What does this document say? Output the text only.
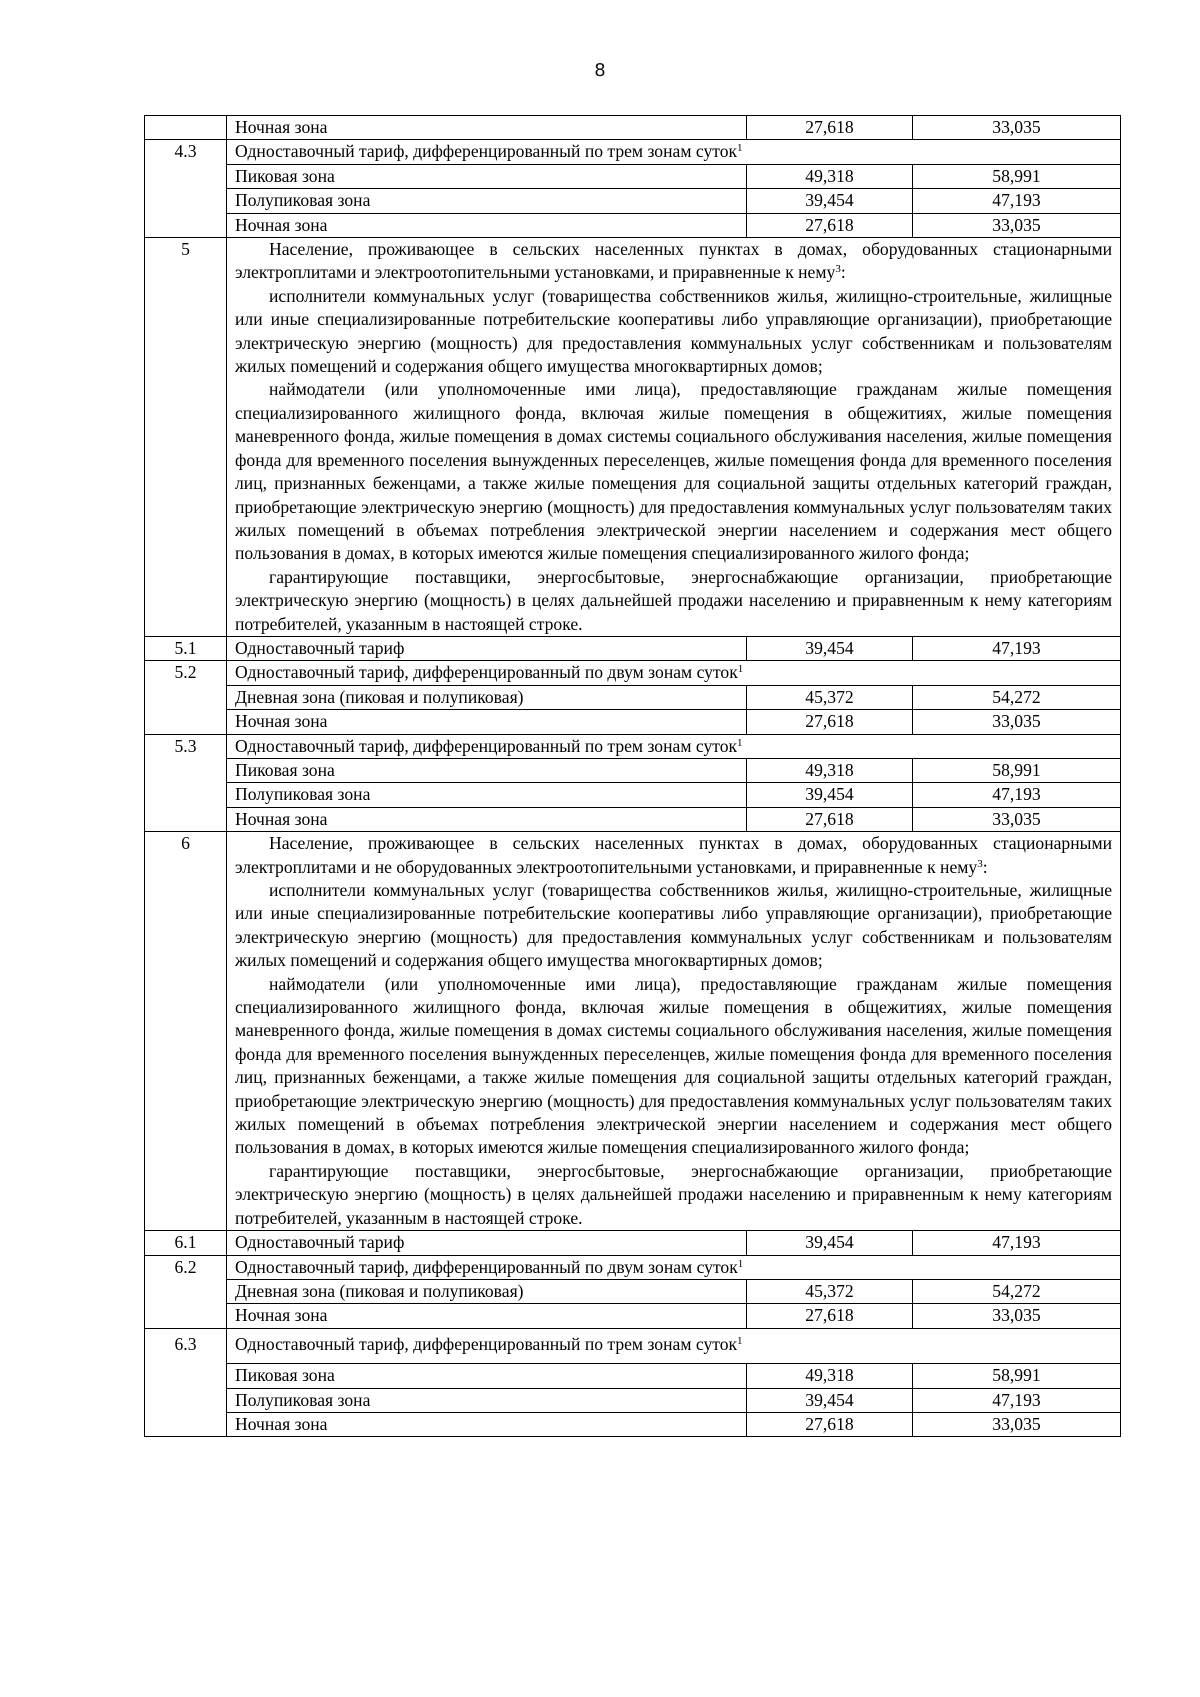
8
	Ночная зона	27,618	33,035
4.3	Одноставочный тариф, дифференцированный по трем зонам суток$^1$
	Пиковая зона	49,318	58,991
	Полупиковая зона	39,454	47,193
	Ночная зона	27,618	33,035
5	Население, проживающее в сельских населенных пунктах в домах, оборудованных стационарными электроплитами и электроотопительными установками, и приравненные к нему$^3$:

исполнители коммунальных услуг (товарищества собственников жилья, жилищно-строительные, жилищные или иные специализированные потребительские кооперативы либо управляющие организации), приобретающие электрическую энергию (мощность) для предоставления коммунальных услуг собственникам и пользователям жилых помещений и содержания общего имущества многоквартирных домов;

наймодатели (или уполномоченные ими лица), предоставляющие гражданам жилые помещения специализированного жилищного фонда, включая жилые помещения в общежитиях, жилые помещения маневренного фонда, жилые помещения в домах системы социального обслуживания населения, жилые помещения фонда для временного поселения вынужденных переселенцев, жилые помещения фонда для временного поселения лиц, признанных беженцами, а также жилые помещения для социальной защиты отдельных категорий граждан, приобретающие электрическую энергию (мощность) для предоставления коммунальных услуг пользователям таких жилых помещений в объемах потребления электрической энергии населением и содержания мест общего пользования в домах, в которых имеются жилые помещения специализированного жилого фонда;

гарантирующие поставщики, энергосбытовые, энергоснабжающие организации, приобретающие электрическую энергию (мощность) в целях дальнейшей продажи населению и приравненным к нему категориям потребителей, указанным в настоящей строке.		

5.1	Одноставочный тариф	39,454	47,193
5.2	Одноставочный тариф, дифференцированный по двум зонам суток$^1$
	Дневная зона (пиковая и полупиковая)	45,372	54,272
	Ночная зона	27,618	33,035
5.3	Одноставочный тариф, дифференцированный по трем зонам суток$^1$
	Пиковая зона	49,318	58,991
	Полупиковая зона	39,454	47,193
	Ночная зона	27,618	33,035
6	Население, проживающее в сельских населенных пунктах в домах, оборудованных стационарными электроплитами и не оборудованных электроотопительными установками, и приравненные к нему$^3$:

исполнители коммунальных услуг (товарищества собственников жилья, жилищно-строительные, жилищные или иные специализированные потребительские кооперативы либо управляющие организации), приобретающие электрическую энергию (мощность) для предоставления коммунальных услуг собственникам и пользователям жилых помещений и содержания общего имущества многоквартирных домов;

наймодатели (или уполномоченные ими лица), предоставляющие гражданам жилые помещения специализированного жилищного фонда, включая жилые помещения в общежитиях, жилые помещения маневренного фонда, жилые помещения в домах системы социального обслуживания населения, жилые помещения фонда для временного поселения вынужденных переселенцев, жилые помещения фонда для временного поселения лиц, признанных беженцами, а также жилые помещения для социальной защиты отдельных категорий граждан, приобретающие электрическую энергию (мощность) для предоставления коммунальных услуг пользователям таких жилых помещений в объемах потребления электрической энергии населением и содержания мест общего пользования в домах, в которых имеются жилые помещения специализированного жилого фонда;

гарантирующие поставщики, энергосбытовые, энергоснабжающие организации, приобретающие электрическую энергию (мощность) в целях дальнейшей продажи населению и приравненным к нему категориям потребителей, указанным в настоящей строке.		

6.1	Одноставочный тариф	39,454	47,193
6.2	Одноставочный тариф, дифференцированный по двум зонам суток$^1$
	Дневная зона (пиковая и полупиковая)	45,372	54,272
	Ночная зона	27,618	33,035
6.3	Одноставочный тариф, дифференцированный по трем зонам суток$^1$
	Пиковая зона	49,318	58,991
	Полупиковая зона	39,454	47,193
	Ночная зона	27,618	33,035
